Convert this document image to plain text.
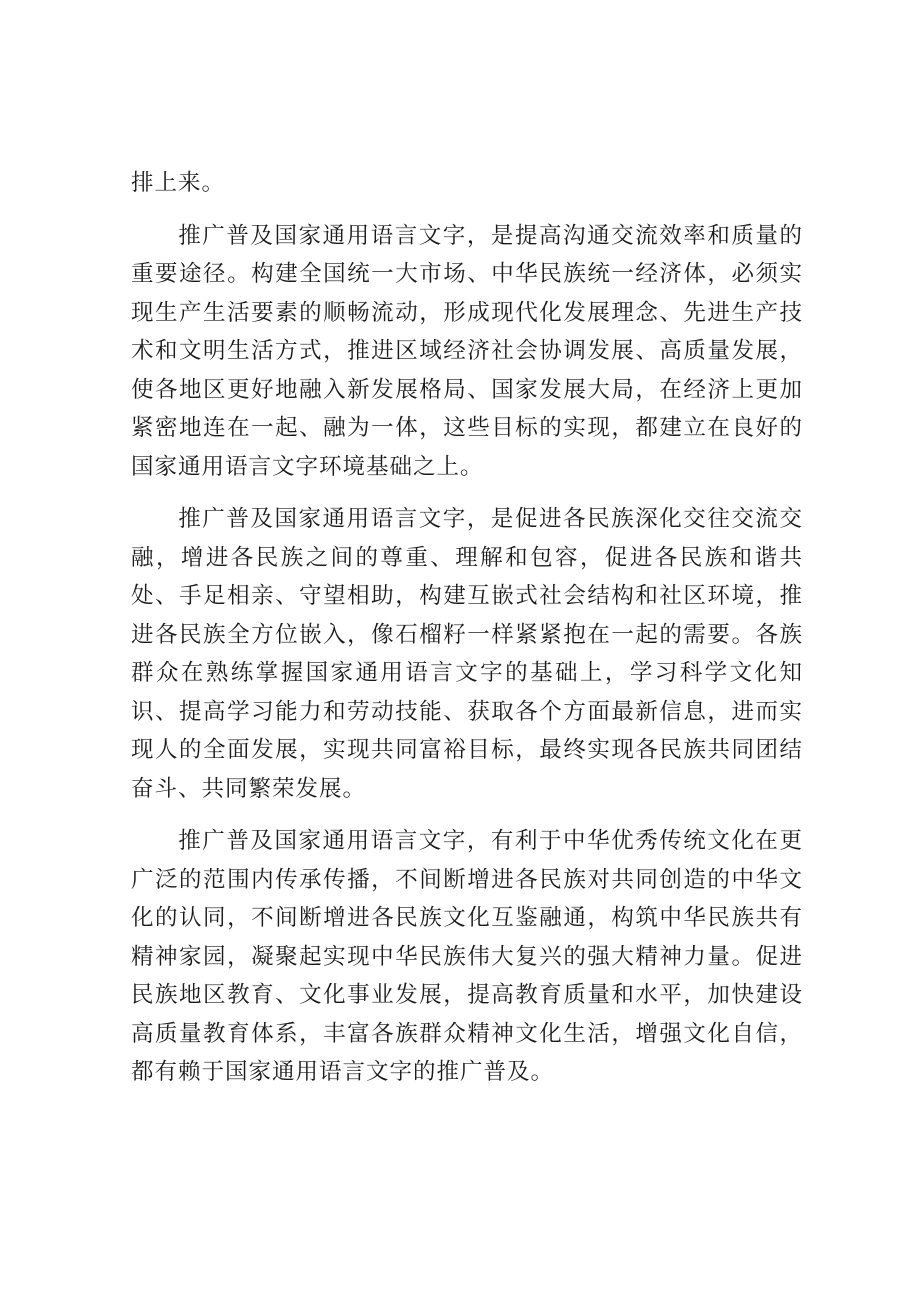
排上来。

推广普及国家通用语言文字，是提高沟通交流效率和质量的重要途径。构建全国统一大市场、中华民族统一经济体，必须实现生产生活要素的顺畅流动，形成现代化发展理念、先进生产技术和文明生活方式，推进区域经济社会协调发展、高质量发展，使各地区更好地融入新发展格局、国家发展大局，在经济上更加紧密地连在一起、融为一体，这些目标的实现，都建立在良好的国家通用语言文字环境基础之上。

推广普及国家通用语言文字，是促进各民族深化交往交流交融，增进各民族之间的尊重、理解和包容，促进各民族和谐共处、手足相亲、守望相助，构建互嵌式社会结构和社区环境，推进各民族全方位嵌入，像石榴籽一样紧紧抱在一起的需要。各族群众在熟练掌握国家通用语言文字的基础上，学习科学文化知识、提高学习能力和劳动技能、获取各个方面最新信息，进而实现人的全面发展，实现共同富裕目标，最终实现各民族共同团结奋斗、共同繁荣发展。

推广普及国家通用语言文字，有利于中华优秀传统文化在更广泛的范围内传承传播，不间断增进各民族对共同创造的中华文化的认同，不间断增进各民族文化互鉴融通，构筑中华民族共有精神家园，凝聚起实现中华民族伟大复兴的强大精神力量。促进民族地区教育、文化事业发展，提高教育质量和水平，加快建设高质量教育体系，丰富各族群众精神文化生活，增强文化自信，都有赖于国家通用语言文字的推广普及。
